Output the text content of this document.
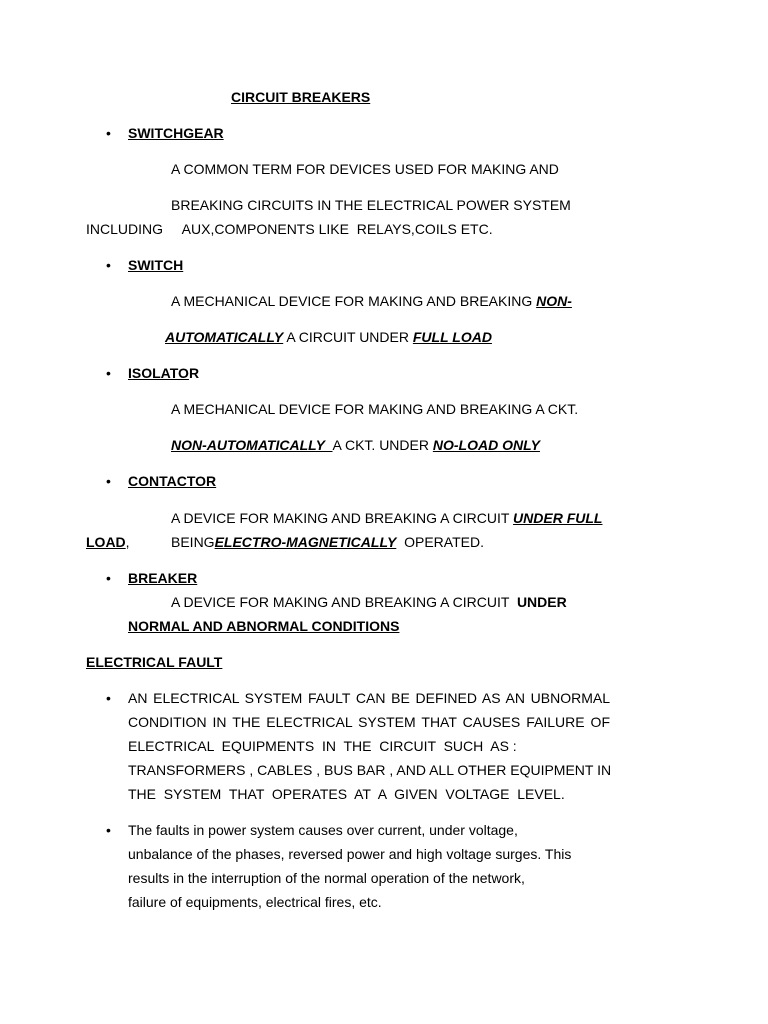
CIRCUIT BREAKERS
• SWITCHGEAR
A COMMON TERM FOR DEVICES USED FOR MAKING AND
BREAKING CIRCUITS IN THE ELECTRICAL POWER SYSTEM
INCLUDING     AUX,COMPONENTS LIKE  RELAYS,COILS ETC.
• SWITCH
A MECHANICAL DEVICE FOR MAKING AND BREAKING NON-
AUTOMATICALLY A CIRCUIT UNDER FULL LOAD
• ISOLATOR
A MECHANICAL DEVICE FOR MAKING AND BREAKING A CKT.
NON-AUTOMATICALLY  A CKT. UNDER NO-LOAD ONLY
• CONTACTOR
A DEVICE FOR MAKING AND BREAKING A CIRCUIT UNDER FULL
LOAD,	BEINGELECTRO-MAGNETICALLY  OPERATED.
• BREAKER
A DEVICE FOR MAKING AND BREAKING A CIRCUIT  UNDER
NORMAL AND ABNORMAL CONDITIONS
ELECTRICAL FAULT
• AN ELECTRICAL SYSTEM FAULT CAN BE DEFINED AS AN UBNORMAL
CONDITION IN THE ELECTRICAL SYSTEM THAT CAUSES FAILURE OF
ELECTRICAL  EQUIPMENTS  IN  THE  CIRCUIT  SUCH  AS :
TRANSFORMERS , CABLES , BUS BAR , AND ALL OTHER EQUIPMENT IN
THE  SYSTEM  THAT  OPERATES  AT  A  GIVEN  VOLTAGE  LEVEL.
• The faults in power system causes over current, under voltage,
unbalance of the phases, reversed power and high voltage surges. This
results in the interruption of the normal operation of the network,
failure of equipments, electrical fires, etc.
